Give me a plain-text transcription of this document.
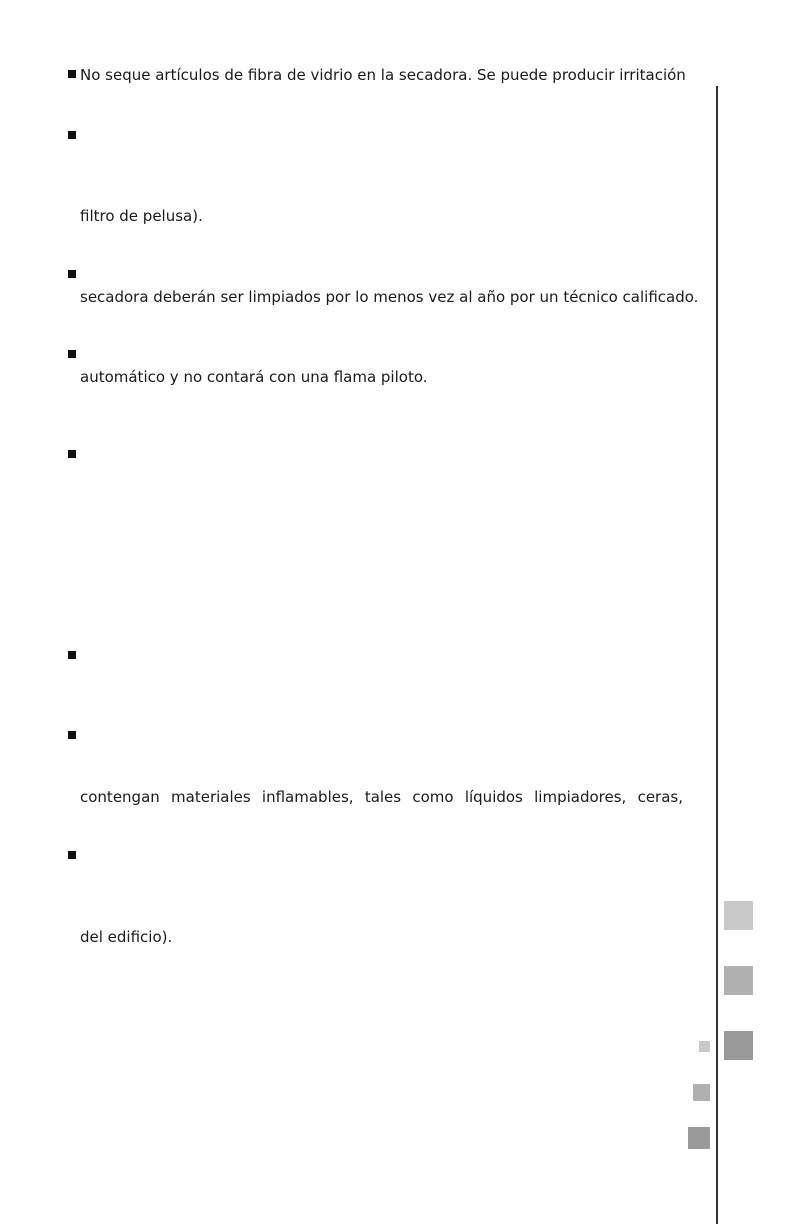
No seque artículos de fibra de vidrio en la secadora. Se puede producir irritación
filtro de pelusa).
secadora deberán ser limpiados por lo menos vez al año por un técnico calificado.
automático y no contará con una flama piloto.
contengan materiales inflamables, tales como líquidos limpiadores, ceras,
del edificio).
